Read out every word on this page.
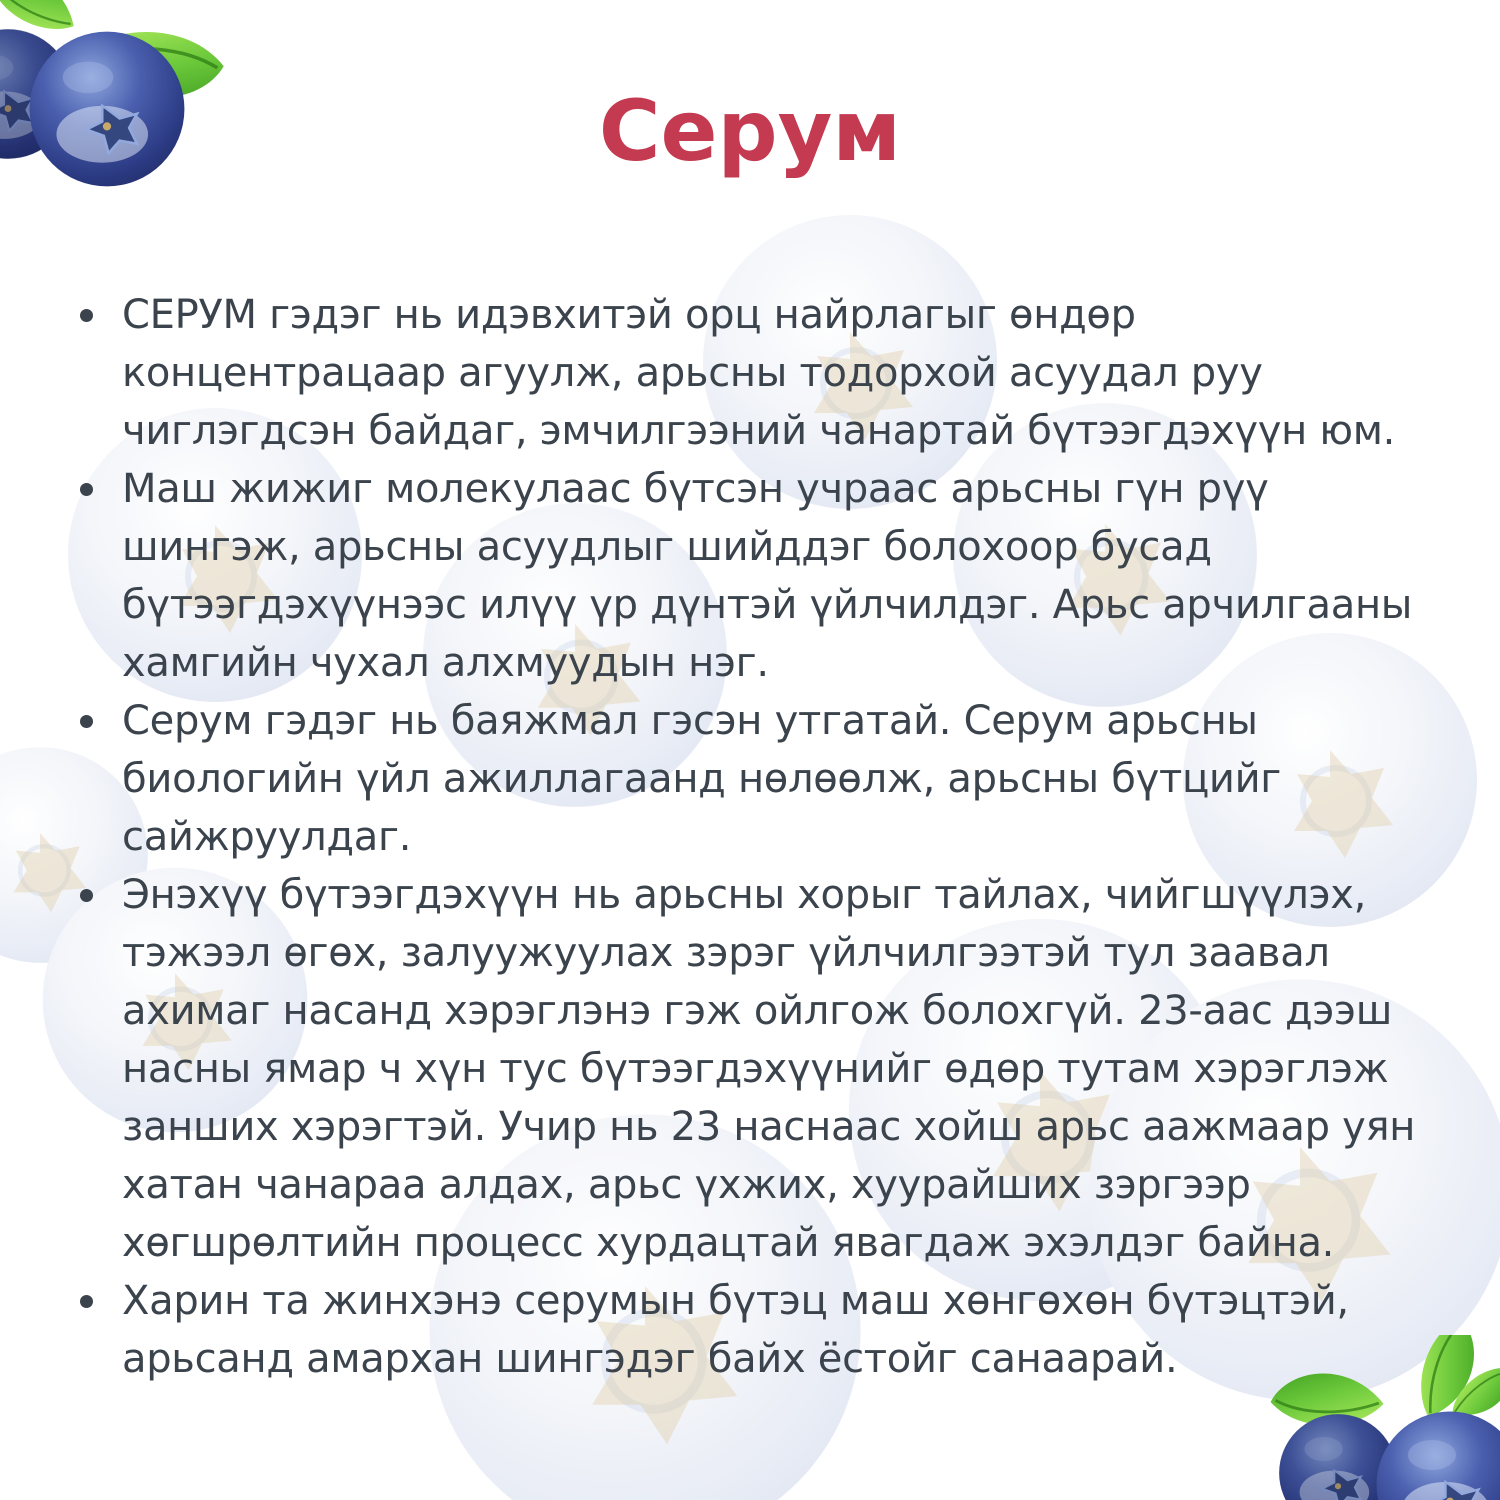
Серум
СЕРУМ гэдэг нь идэвхитэй орц найрлагыг өндөр концентрацаар агуулж, арьсны тодорхой асуудал руу чиглэгдсэн байдаг, эмчилгээний чанартай бүтээгдэхүүн юм.
Маш жижиг молекулаас бүтсэн учраас арьсны гүн рүү шингэж, арьсны асуудлыг шийддэг болохоор бусад бүтээгдэхүүнээс илүү үр дүнтэй үйлчилдэг. Арьс арчилгааны хамгийн чухал алхмуудын нэг.
Серум гэдэг нь баяжмал гэсэн утгатай. Серум арьсны биологийн үйл ажиллагаанд нөлөөлж, арьсны бүтцийг сайжруулдаг.
Энэхүү бүтээгдэхүүн нь арьсны хорыг тайлах, чийгшүүлэх, тэжээл өгөх, залуужуулах зэрэг үйлчилгээтэй тул заавал ахимаг насанд хэрэглэнэ гэж ойлгож болохгүй. 23-аас дээш насны ямар ч хүн тус бүтээгдэхүүнийг өдөр тутам хэрэглэж занших хэрэгтэй. Учир нь 23 наснаас хойш арьс аажмаар уян хатан чанараа алдах, арьс үхжих, хуурайших зэргээр хөгшрөлтийн процесс хурдацтай явагдаж эхэлдэг байна.
Харин та жинхэнэ серумын бүтэц маш хөнгөхөн бүтэцтэй, арьсанд амархан шингэдэг байх ёстойг санаарай.
